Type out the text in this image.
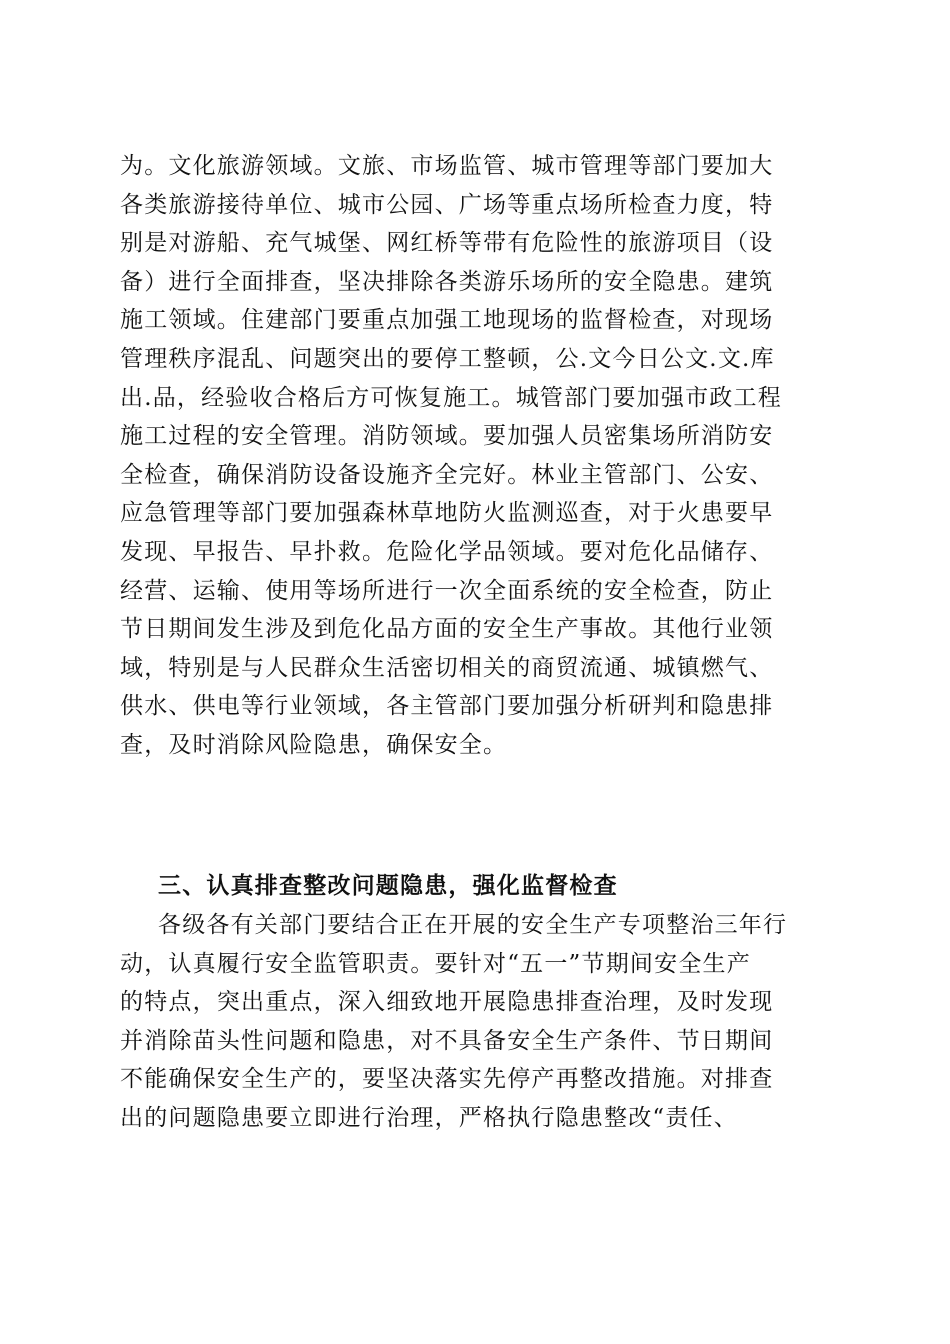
为。文化旅游领域。文旅、市场监管、城市管理等部门要加大
各类旅游接待单位、城市公园、广场等重点场所检查力度，特
别是对游船、充气城堡、网红桥等带有危险性的旅游项目（设
备）进行全面排查，坚决排除各类游乐场所的安全隐患。建筑
施工领域。住建部门要重点加强工地现场的监督检查，对现场
管理秩序混乱、问题突出的要停工整顿，公.文今日公文.文.库
出.品，经验收合格后方可恢复施工。城管部门要加强市政工程
施工过程的安全管理。消防领域。要加强人员密集场所消防安
全检查，确保消防设备设施齐全完好。林业主管部门、公安、
应急管理等部门要加强森林草地防火监测巡查，对于火患要早
发现、早报告、早扑救。危险化学品领域。要对危化品储存、
经营、运输、使用等场所进行一次全面系统的安全检查，防止
节日期间发生涉及到危化品方面的安全生产事故。其他行业领
域，特别是与人民群众生活密切相关的商贸流通、城镇燃气、
供水、供电等行业领域，各主管部门要加强分析研判和隐患排
查，及时消除风险隐患，确保安全。
三、认真排查整改问题隐患，强化监督检查
各级各有关部门要结合正在开展的安全生产专项整治三年行
动，认真履行安全监管职责。要针对“五一”节期间安全生产
的特点，突出重点，深入细致地开展隐患排查治理，及时发现
并消除苗头性问题和隐患，对不具备安全生产条件、节日期间
不能确保安全生产的，要坚决落实先停产再整改措施。对排查
出的问题隐患要立即进行治理，严格执行隐患整改“责任、
